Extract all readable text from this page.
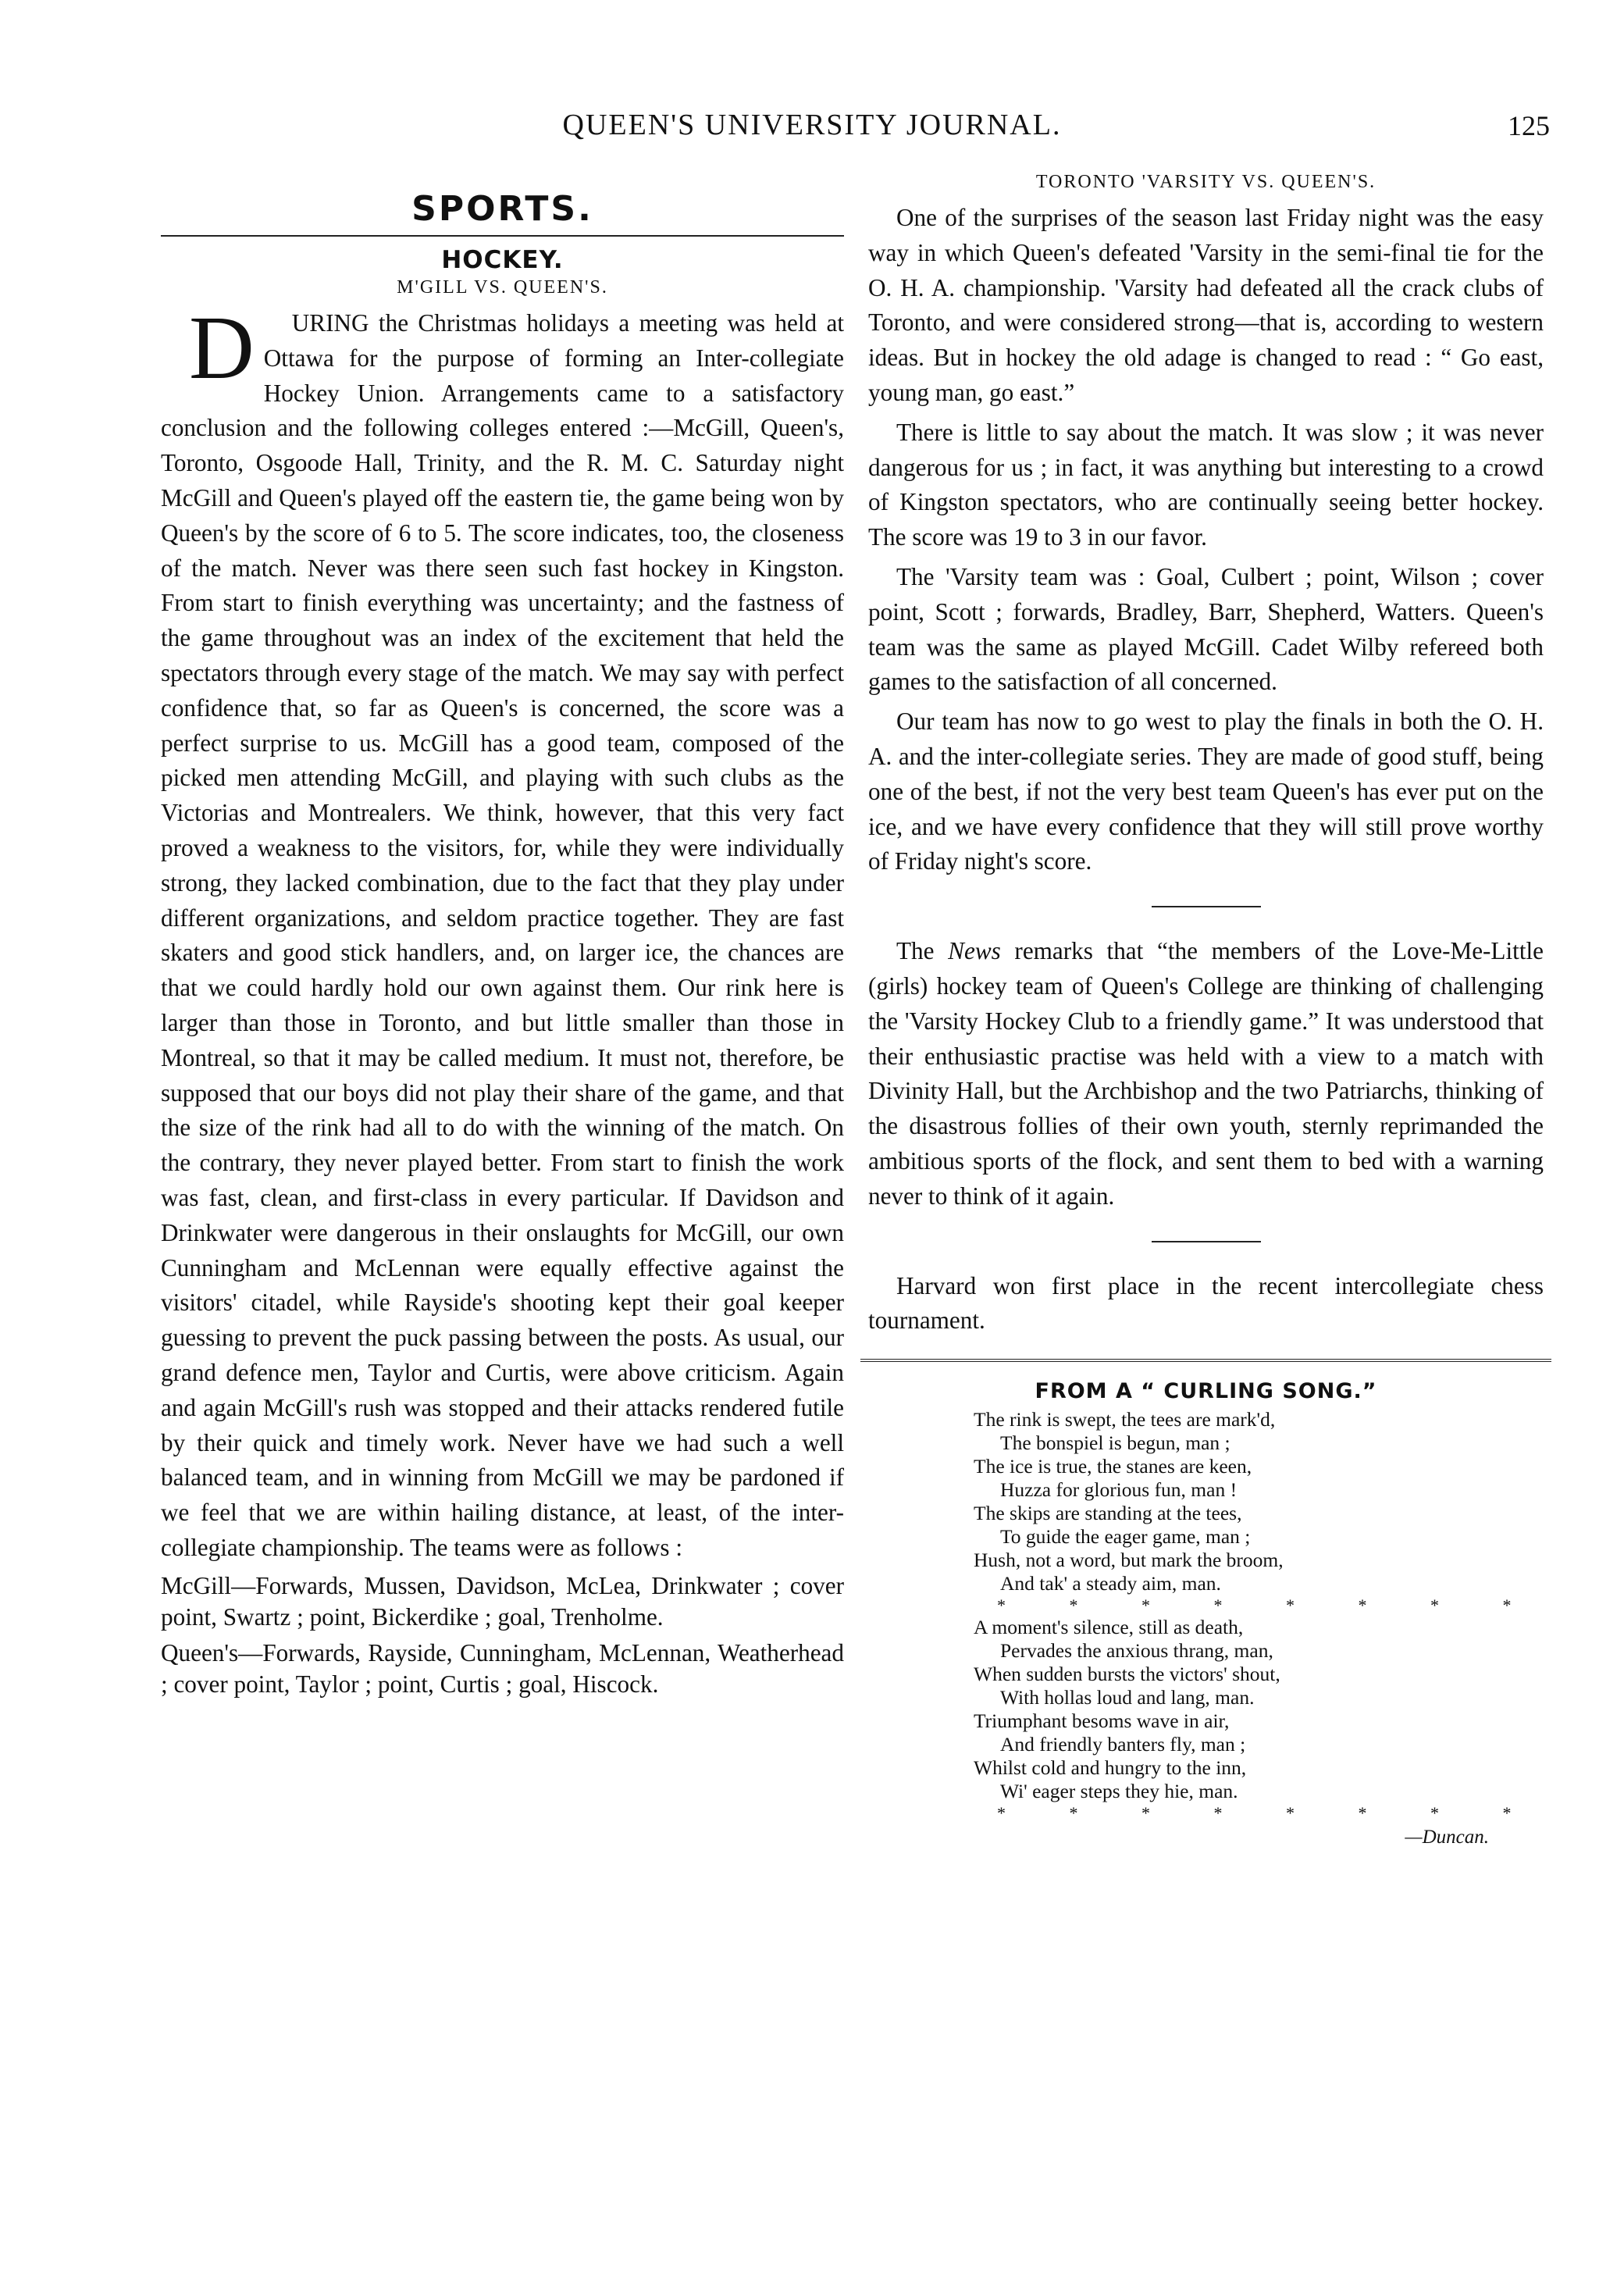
QUEEN'S UNIVERSITY JOURNAL.	125
SPORTS.
HOCKEY.
M'GILL VS. QUEEN'S.

D URING the Christmas holidays a meeting was held at Ottawa for the purpose of forming an Inter-collegiate Hockey Union. Arrangements came to a satisfactory conclusion and the following colleges entered :—McGill, Queen's, Toronto, Osgoode Hall, Trinity, and the R. M. C. Saturday night McGill and Queen's played off the eastern tie, the game being won by Queen's by the score of 6 to 5. The score indicates, too, the closeness of the match. Never was there seen such fast hockey in Kingston. From start to finish everything was uncertainty; and the fastness of the game throughout was an index of the excitement that held the spectators through every stage of the match. We may say with perfect confidence that, so far as Queen's is concerned, the score was a perfect surprise to us. McGill has a good team, composed of the picked men attending McGill, and playing with such clubs as the Victorias and Montrealers. We think, however, that this very fact proved a weakness to the visitors, for, while they were individually strong, they lacked combination, due to the fact that they play under different organizations, and seldom practice together. They are fast skaters and good stick handlers, and, on larger ice, the chances are that we could hardly hold our own against them. Our rink here is larger than those in Toronto, and but little smaller than those in Montreal, so that it may be called medium. It must not, therefore, be supposed that our boys did not play their share of the game, and that the size of the rink had all to do with the winning of the match. On the contrary, they never played better. From start to finish the work was fast, clean, and first-class in every particular. If Davidson and Drinkwater were dangerous in their onslaughts for McGill, our own Cunningham and McLennan were equally effective against the visitors' citadel, while Rayside's shooting kept their goal keeper guessing to prevent the puck passing between the posts. As usual, our grand defence men, Taylor and Curtis, were above criticism. Again and again McGill's rush was stopped and their attacks rendered futile by their quick and timely work. Never have we had such a well balanced team, and in winning from McGill we may be pardoned if we feel that we are within hailing distance, at least, of the inter-collegiate championship. The teams were as follows :

McGill—Forwards, Mussen, Davidson, McLea, Drinkwater ; cover point, Swartz ; point, Bickerdike ; goal, Trenholme.

Queen's—Forwards, Rayside, Cunningham, McLennan, Weatherhead ; cover point, Taylor ; point, Curtis ; goal, Hiscock.

TORONTO 'VARSITY VS. QUEEN'S.

One of the surprises of the season last Friday night was the easy way in which Queen's defeated 'Varsity in the semi-final tie for the O. H. A. championship. 'Varsity had defeated all the crack clubs of Toronto, and were considered strong—that is, according to western ideas. But in hockey the old adage is changed to read : “ Go east, young man, go east.”

There is little to say about the match. It was slow ; it was never dangerous for us ; in fact, it was anything but interesting to a crowd of Kingston spectators, who are continually seeing better hockey. The score was 19 to 3 in our favor.

The 'Varsity team was : Goal, Culbert ; point, Wilson ; cover point, Scott ; forwards, Bradley, Barr, Shepherd, Watters. Queen's team was the same as played McGill. Cadet Wilby refereed both games to the satisfaction of all concerned.

Our team has now to go west to play the finals in both the O. H. A. and the inter-collegiate series. They are made of good stuff, being one of the best, if not the very best team Queen's has ever put on the ice, and we have every confidence that they will still prove worthy of Friday night's score.

The News remarks that “the members of the Love-Me-Little (girls) hockey team of Queen's College are thinking of challenging the 'Varsity Hockey Club to a friendly game.” It was understood that their enthusiastic practise was held with a view to a match with Divinity Hall, but the Archbishop and the two Patriarchs, thinking of the disastrous follies of their own youth, sternly reprimanded the ambitious sports of the flock, and sent them to bed with a warning never to think of it again.

Harvard won first place in the recent intercollegiate chess tournament.

FROM A “ CURLING SONG.”
The rink is swept, the tees are mark'd,
The bonspiel is begun, man ;
The ice is true, the stanes are keen,
Huzza for glorious fun, man !
The skips are standing at the tees,
To guide the eager game, man ;
Hush, not a word, but mark the broom,
And tak' a steady aim, man.
* * * * * * * *
A moment's silence, still as death,
Pervades the anxious thrang, man,
When sudden bursts the victors' shout,
With hollas loud and lang, man.
Triumphant besoms wave in air,
And friendly banters fly, man ;
Whilst cold and hungry to the inn,
Wi' eager steps they hie, man.
* * * * * * * *
—Duncan.
